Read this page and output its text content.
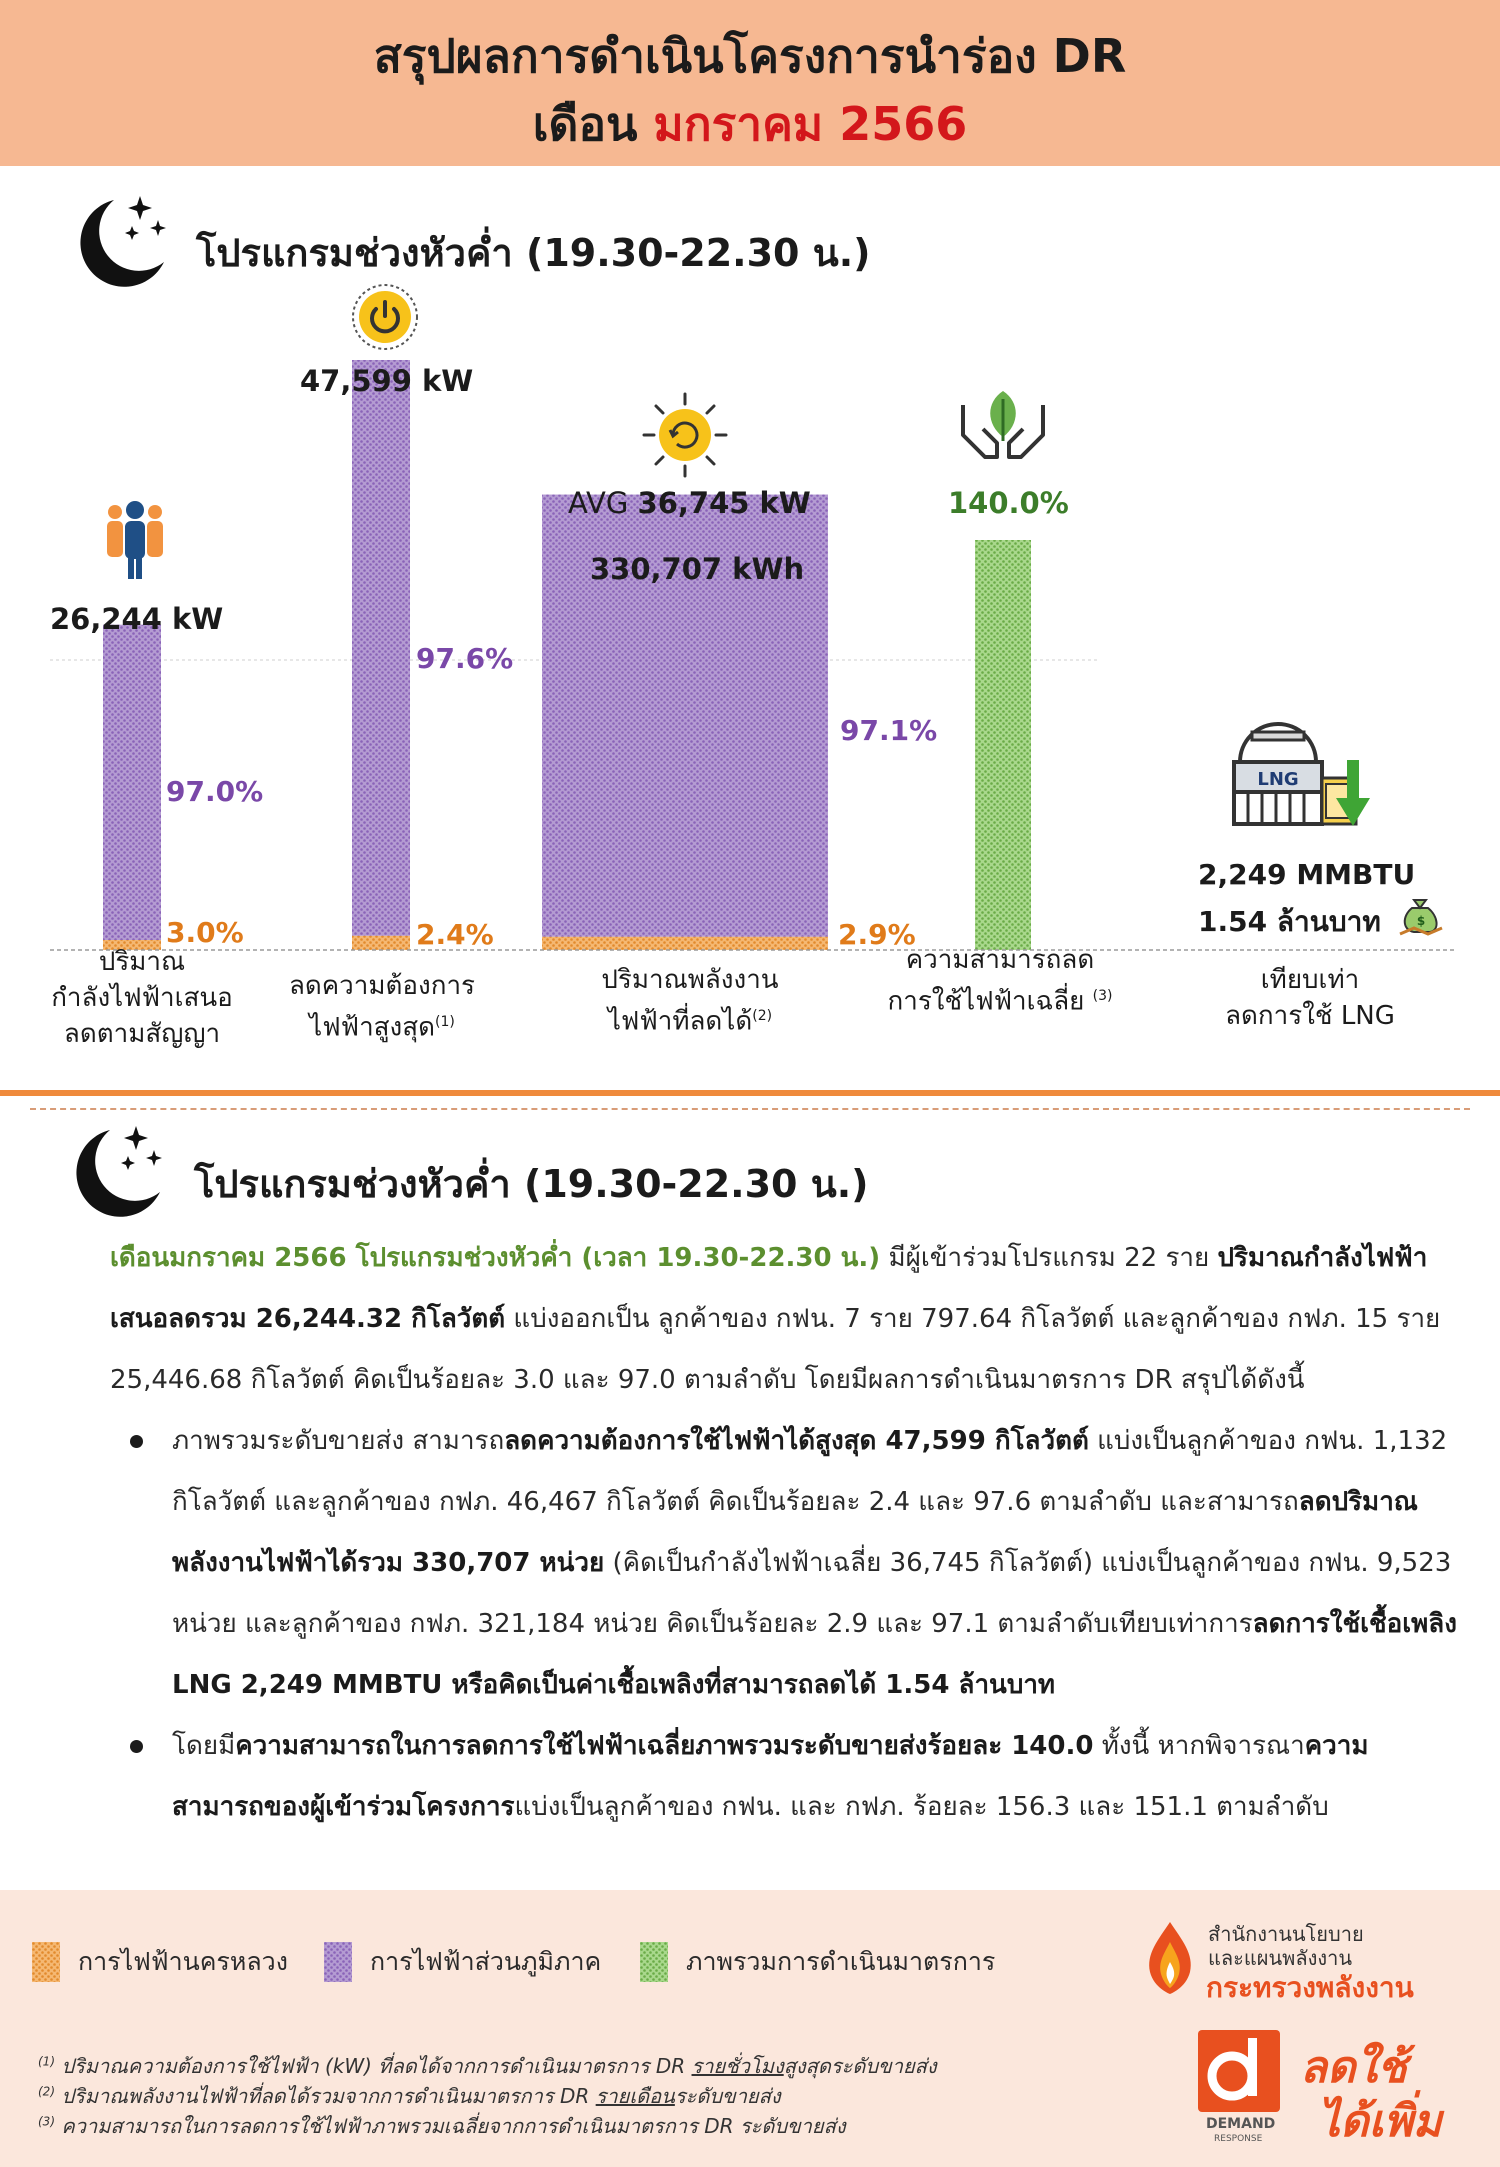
สรุปผลการดำเนินโครงการนำร่อง DR
เดือน มกราคม 2566
โปรแกรมช่วงหัวค่ำ (19.30-22.30 น.)
LNG
$
26,244 kW
47,599 kW
AVG 36,745 kW
330,707 kWh
140.0%
97.0%
3.0%
97.6%
2.4%
97.1%
2.9%
2,249 MMBTU
1.54 ล้านบาท
ปริมาณ
กำลังไฟฟ้าเสนอ
ลดตามสัญญา
ลดความต้องการ
ไฟฟ้าสูงสุด$^{(1)}$
ปริมาณพลังงาน
ไฟฟ้าที่ลดได้$^{(2)}$
ความสามารถลด
การใช้ไฟฟ้าเฉลี่ย $^{(3)}$
เทียบเท่า
ลดการใช้ LNG
โปรแกรมช่วงหัวค่ำ (19.30-22.30 น.)
เดือนมกราคม 2566 โปรแกรมช่วงหัวค่ำ (เวลา 19.30-22.30 น.) มีผู้เข้าร่วมโปรแกรม 22 ราย ปริมาณกำลังไฟฟ้าเสนอลดรวม 26,244.32 กิโลวัตต์ แบ่งออกเป็น ลูกค้าของ กฟน. 7 ราย 797.64 กิโลวัตต์ และลูกค้าของ กฟภ. 15 ราย 25,446.68 กิโลวัตต์ คิดเป็นร้อยละ 3.0 และ 97.0 ตามลำดับ โดยมีผลการดำเนินมาตรการ DR สรุปได้ดังนี้
ภาพรวมระดับขายส่ง สามารถลดความต้องการใช้ไฟฟ้าได้สูงสุด 47,599 กิโลวัตต์ แบ่งเป็นลูกค้าของ กฟน. 1,132 กิโลวัตต์ และลูกค้าของ กฟภ. 46,467 กิโลวัตต์ คิดเป็นร้อยละ 2.4 และ 97.6 ตามลำดับ และสามารถลดปริมาณพลังงานไฟฟ้าได้รวม 330,707 หน่วย (คิดเป็นกำลังไฟฟ้าเฉลี่ย 36,745 กิโลวัตต์) แบ่งเป็นลูกค้าของ กฟน. 9,523 หน่วย และลูกค้าของ กฟภ. 321,184 หน่วย คิดเป็นร้อยละ 2.9 และ 97.1 ตามลำดับเทียบเท่าการลดการใช้เชื้อเพลิง LNG 2,249 MMBTU หรือคิดเป็นค่าเชื้อเพลิงที่สามารถลดได้ 1.54 ล้านบาท
โดยมีความสามารถในการลดการใช้ไฟฟ้าเฉลี่ยภาพรวมระดับขายส่งร้อยละ 140.0 ทั้งนี้ หากพิจารณาความสามารถของผู้เข้าร่วมโครงการแบ่งเป็นลูกค้าของ กฟน. และ กฟภ. ร้อยละ 156.3 และ 151.1 ตามลำดับ
การไฟฟ้านครหลวง	การไฟฟ้าส่วนภูมิภาค	ภาพรวมการดำเนินมาตรการ
$^{(1)}$ ปริมาณความต้องการใช้ไฟฟ้า (kW) ที่ลดได้จากการดำเนินมาตรการ DR รายชั่วโมงสูงสุดระดับขายส่ง
$^{(2)}$ ปริมาณพลังงานไฟฟ้าที่ลดได้รวมจากการดำเนินมาตรการ DR รายเดือนระดับขายส่ง
$^{(3)}$ ความสามารถในการลดการใช้ไฟฟ้าภาพรวมเฉลี่ยจากการดำเนินมาตรการ DR ระดับขายส่ง
สำนักงานนโยบาย
และแผนพลังงาน
กระทรวงพลังงาน
DEMAND
RESPONSE
ลดใช้
ได้เพิ่ม
